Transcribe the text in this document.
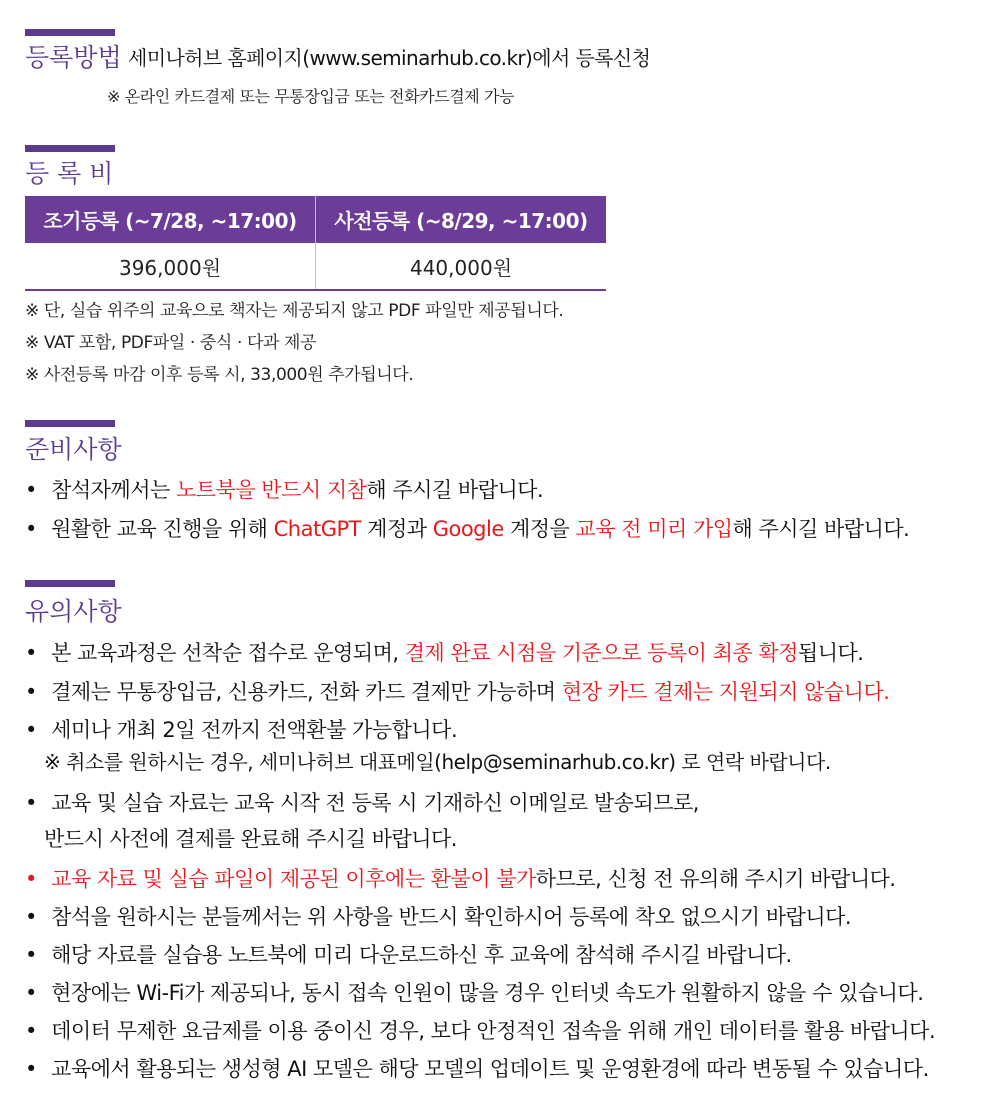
등록방법 세미나허브 홈페이지(www.seminarhub.co.kr)에서 등록신청
※ 온라인 카드결제 또는 무통장입금 또는 전화카드결제 가능
등 록 비
조기등록 (~7/28, ~17:00)	사전등록 (~8/29, ~17:00)
396,000원	440,000원
※ 단, 실습 위주의 교육으로 책자는 제공되지 않고 PDF 파일만 제공됩니다.
※ VAT 포함, PDF파일 · 중식 · 다과 제공
※ 사전등록 마감 이후 등록 시, 33,000원 추가됩니다.
준비사항
• 참석자께서는 노트북을 반드시 지참해 주시길 바랍니다.
• 원활한 교육 진행을 위해 ChatGPT 계정과 Google 계정을 교육 전 미리 가입해 주시길 바랍니다.
유의사항
• 본 교육과정은 선착순 접수로 운영되며, 결제 완료 시점을 기준으로 등록이 최종 확정됩니다.
• 결제는 무통장입금, 신용카드, 전화 카드 결제만 가능하며 현장 카드 결제는 지원되지 않습니다.
• 세미나 개최 2일 전까지 전액환불 가능합니다.
※ 취소를 원하시는 경우, 세미나허브 대표메일(help@seminarhub.co.kr) 로 연락 바랍니다.
• 교육 및 실습 자료는 교육 시작 전 등록 시 기재하신 이메일로 발송되므로,
반드시 사전에 결제를 완료해 주시길 바랍니다.
• 교육 자료 및 실습 파일이 제공된 이후에는 환불이 불가하므로, 신청 전 유의해 주시기 바랍니다.
• 참석을 원하시는 분들께서는 위 사항을 반드시 확인하시어 등록에 착오 없으시기 바랍니다.
• 해당 자료를 실습용 노트북에 미리 다운로드하신 후 교육에 참석해 주시길 바랍니다.
• 현장에는 Wi-Fi가 제공되나, 동시 접속 인원이 많을 경우 인터넷 속도가 원활하지 않을 수 있습니다.
• 데이터 무제한 요금제를 이용 중이신 경우, 보다 안정적인 접속을 위해 개인 데이터를 활용 바랍니다.
• 교육에서 활용되는 생성형 AI 모델은 해당 모델의 업데이트 및 운영환경에 따라 변동될 수 있습니다.
